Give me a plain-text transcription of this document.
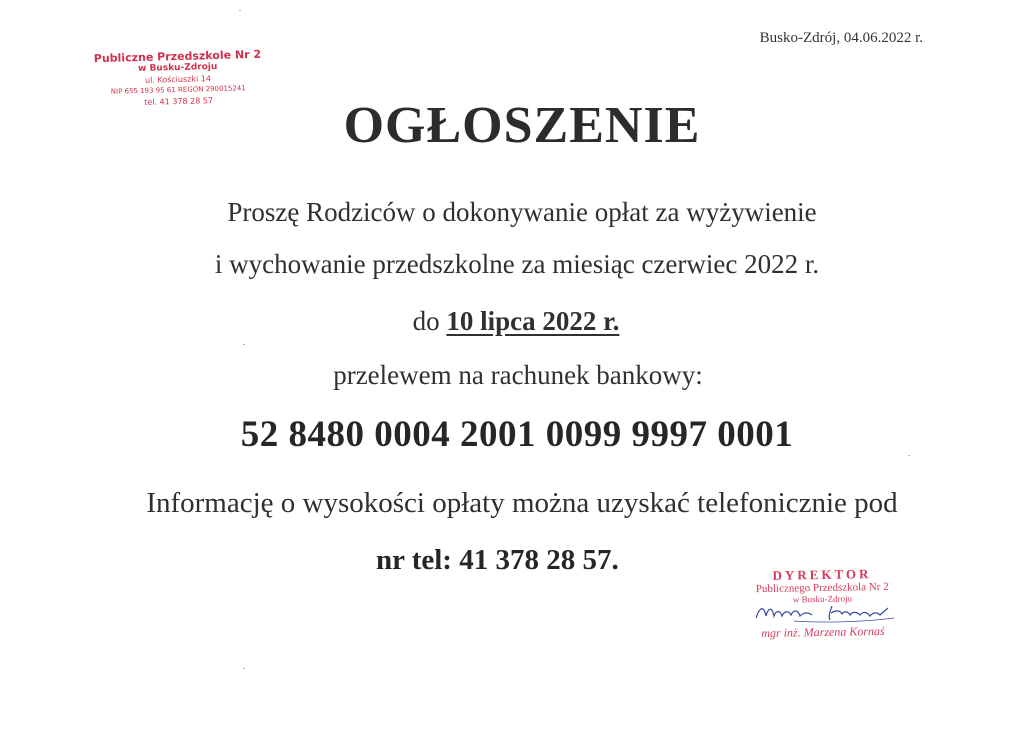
Busko-Zdrój, 04.06.2022 r.
Publiczne Przedszkole Nr 2
w Busku-Zdroju
ul. Kościuszki 14
NIP 655 193 95 61 REGON 290015241
tel. 41 378 28 57	OGŁOSZENIE
Proszę Rodziców o dokonywanie opłat za wyżywienie
i wychowanie przedszkolne za miesiąc czerwiec 2022 r.
do 10 lipca 2022 r.
przelewem na rachunek bankowy:
52 8480 0004 2001 0099 9997 0001
Informację o wysokości opłaty można uzyskać telefonicznie pod
nr tel: 41 378 28 57.	DYREKTOR
Publicznego Przedszkola Nr 2
w Busku-Zdroju
mgr inż. Marzena Kornaś
